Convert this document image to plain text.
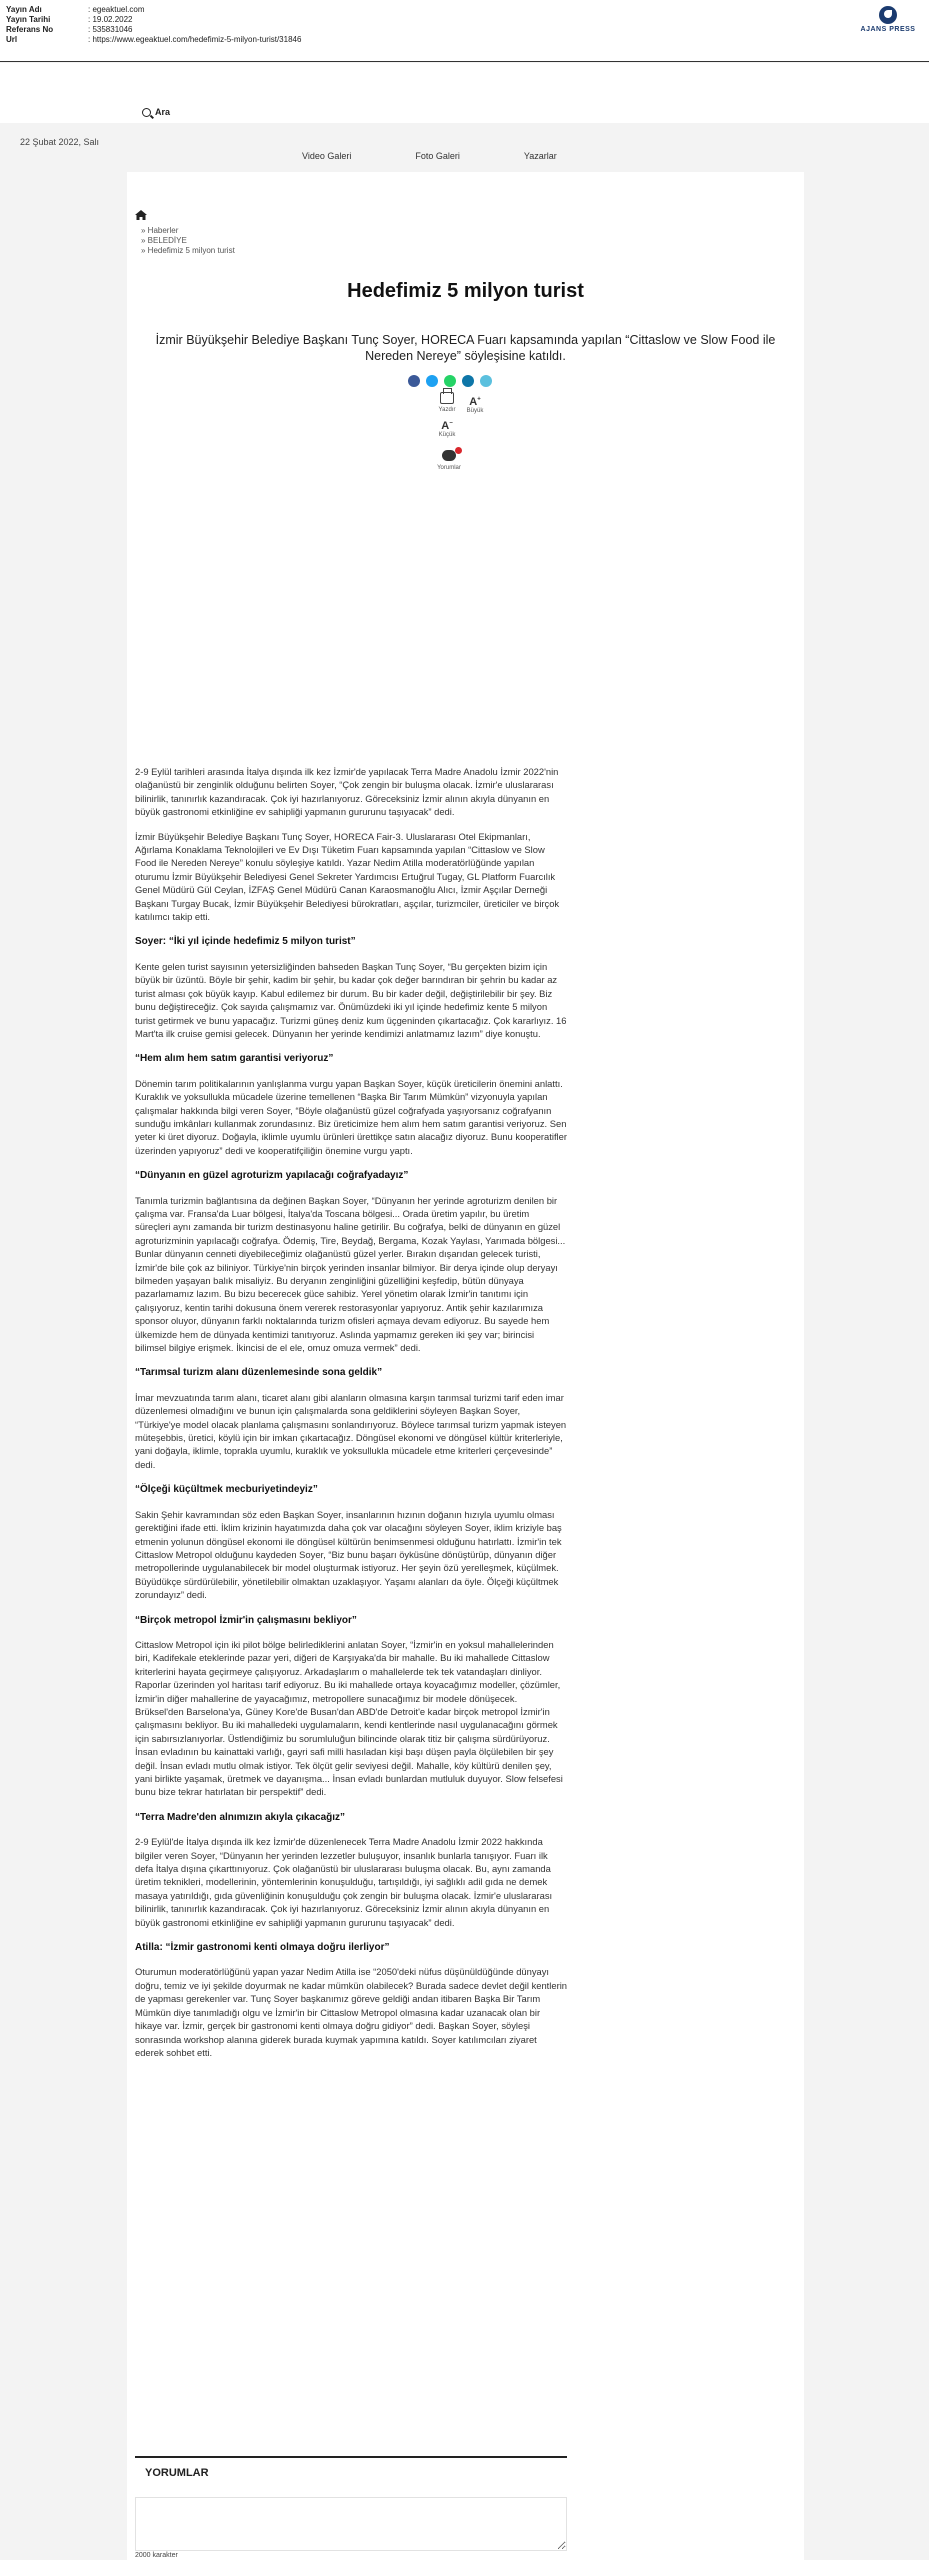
Yayın Adı	: egeaktuel.com
Yayın Tarihi	: 19.02.2022
Referans No	: 535831046
Url	: https://www.egeaktuel.com/hedefimiz-5-milyon-turist/31846
AJANS PRESS
Ara
22 Şubat 2022, Salı
Video Galeri	Foto Galeri	Yazarlar
» Haberler
» BELEDİYE
» Hedefimiz 5 milyon turist
Hedefimiz 5 milyon turist

İzmir Büyükşehir Belediye Başkanı Tunç Soyer, HORECA Fuarı kapsamında yapılan “Cittaslow ve Slow Food ile Nereden Nereye” söyleşisine katıldı.

Yazdır
A+
Büyük
A−
Küçük
Yorumlar

2-9 Eylül tarihleri arasında İtalya dışında ilk kez İzmir'de yapılacak Terra Madre Anadolu İzmir 2022'nin olağanüstü bir zenginlik olduğunu belirten Soyer, “Çok zengin bir buluşma olacak. İzmir'e uluslararası bilinirlik, tanınırlık kazandıracak. Çok iyi hazırlanıyoruz. Göreceksiniz İzmir alının akıyla dünyanın en büyük gastronomi etkinliğine ev sahipliği yapmanın gururunu taşıyacak” dedi.

İzmir Büyükşehir Belediye Başkanı Tunç Soyer, HORECA Fair-3. Uluslararası Otel Ekipmanları, Ağırlama Konaklama Teknolojileri ve Ev Dışı Tüketim Fuarı kapsamında yapılan “Cittaslow ve Slow Food ile Nereden Nereye” konulu söyleşiye katıldı. Yazar Nedim Atilla moderatörlüğünde yapılan oturumu İzmir Büyükşehir Belediyesi Genel Sekreter Yardımcısı Ertuğrul Tugay, GL Platform Fuarcılık Genel Müdürü Gül Ceylan, İZFAŞ Genel Müdürü Canan Karaosmanoğlu Alıcı, İzmir Aşçılar Derneği Başkanı Turgay Bucak, İzmir Büyükşehir Belediyesi bürokratları, aşçılar, turizmciler, üreticiler ve birçok katılımcı takip etti.

Soyer: “İki yıl içinde hedefimiz 5 milyon turist”

Kente gelen turist sayısının yetersizliğinden bahseden Başkan Tunç Soyer, “Bu gerçekten bizim için büyük bir üzüntü. Böyle bir şehir, kadim bir şehir, bu kadar çok değer barındıran bir şehrin bu kadar az turist alması çok büyük kayıp. Kabul edilemez bir durum. Bu bir kader değil, değiştirilebilir bir şey. Biz bunu değiştireceğiz. Çok sayıda çalışmamız var. Önümüzdeki iki yıl içinde hedefimiz kente 5 milyon turist getirmek ve bunu yapacağız. Turizmi güneş deniz kum üçgeninden çıkartacağız. Çok kararlıyız. 16 Mart'ta ilk cruise gemisi gelecek. Dünyanın her yerinde kendimizi anlatmamız lazım” diye konuştu.

“Hem alım hem satım garantisi veriyoruz”

Dönemin tarım politikalarının yanlışlanma vurgu yapan Başkan Soyer, küçük üreticilerin önemini anlattı. Kuraklık ve yoksullukla mücadele üzerine temellenen “Başka Bir Tarım Mümkün” vizyonuyla yapılan çalışmalar hakkında bilgi veren Soyer, “Böyle olağanüstü güzel coğrafyada yaşıyorsanız coğrafyanın sunduğu imkânları kullanmak zorundasınız. Biz üreticimize hem alım hem satım garantisi veriyoruz. Sen yeter ki üret diyoruz. Doğayla, iklimle uyumlu ürünleri ürettikçe satın alacağız diyoruz. Bunu kooperatifler üzerinden yapıyoruz” dedi ve kooperatifçiliğin önemine vurgu yaptı.

“Dünyanın en güzel agroturizm yapılacağı coğrafyadayız”

Tanımla turizmin bağlantısına da değinen Başkan Soyer, “Dünyanın her yerinde agroturizm denilen bir çalışma var. Fransa'da Luar bölgesi, İtalya'da Toscana bölgesi... Orada üretim yapılır, bu üretim süreçleri aynı zamanda bir turizm destinasyonu haline getirilir. Bu coğrafya, belki de dünyanın en güzel agroturizminin yapılacağı coğrafya. Ödemiş, Tire, Beydağ, Bergama, Kozak Yaylası, Yarımada bölgesi... Bunlar dünyanın cenneti diyebileceğimiz olağanüstü güzel yerler. Bırakın dışarıdan gelecek turisti, İzmir'de bile çok az biliniyor. Türkiye'nin birçok yerinden insanlar bilmiyor. Bir derya içinde olup deryayı bilmeden yaşayan balık misaliyiz. Bu deryanın zenginliğini güzelliğini keşfedip, bütün dünyaya pazarlamamız lazım. Bu bizu becerecek güce sahibiz. Yerel yönetim olarak İzmir'in tanıtımı için çalışıyoruz, kentin tarihi dokusuna önem vererek restorasyonlar yapıyoruz. Antik şehir kazılarımıza sponsor oluyor, dünyanın farklı noktalarında turizm ofisleri açmaya devam ediyoruz. Bu sayede hem ülkemizde hem de dünyada kentimizi tanıtıyoruz. Aslında yapmamız gereken iki şey var; birincisi bilimsel bilgiye erişmek. İkincisi de el ele, omuz omuza vermek” dedi.

“Tarımsal turizm alanı düzenlemesinde sona geldik”

İmar mevzuatında tarım alanı, ticaret alanı gibi alanların olmasına karşın tarımsal turizmi tarif eden imar düzenlemesi olmadığını ve bunun için çalışmalarda sona geldiklerini söyleyen Başkan Soyer, “Türkiye'ye model olacak planlama çalışmasını sonlandırıyoruz. Böylece tarımsal turizm yapmak isteyen müteşebbis, üretici, köylü için bir imkan çıkartacağız. Döngüsel ekonomi ve döngüsel kültür kriterleriyle, yani doğayla, iklimle, toprakla uyumlu, kuraklık ve yoksullukla mücadele etme kriterleri çerçevesinde” dedi.

“Ölçeği küçültmek mecburiyetindeyiz”

Sakin Şehir kavramından söz eden Başkan Soyer, insanlarının hızının doğanın hızıyla uyumlu olması gerektiğini ifade etti. İklim krizinin hayatımızda daha çok var olacağını söyleyen Soyer, iklim kriziyle baş etmenin yolunun döngüsel ekonomi ile döngüsel kültürün benimsenmesi olduğunu hatırlattı. İzmir'in tek Cittaslow Metropol olduğunu kaydeden Soyer, “Biz bunu başarı öyküsüne dönüştürüp, dünyanın diğer metropollerinde uygulanabilecek bir model oluşturmak istiyoruz. Her şeyin özü yerelleşmek, küçülmek. Büyüdükçe sürdürülebilir, yönetilebilir olmaktan uzaklaşıyor. Yaşamı alanları da öyle. Ölçeği küçültmek zorundayız” dedi.

“Birçok metropol İzmir'in çalışmasını bekliyor”

Cittaslow Metropol için iki pilot bölge belirlediklerini anlatan Soyer, “İzmir'in en yoksul mahallelerinden biri, Kadifekale eteklerinde pazar yeri, diğeri de Karşıyaka'da bir mahalle. Bu iki mahallede Cittaslow kriterlerini hayata geçirmeye çalışıyoruz. Arkadaşlarım o mahallelerde tek tek vatandaşları dinliyor. Raporlar üzerinden yol haritası tarif ediyoruz. Bu iki mahallede ortaya koyacağımız modeller, çözümler, İzmir'in diğer mahallerine de yayacağımız, metropollere sunacağımız bir modele dönüşecek. Brüksel'den Barselona'ya, Güney Kore'de Busan'dan ABD'de Detroit'e kadar birçok metropol İzmir'in çalışmasını bekliyor. Bu iki mahalledeki uygulamaların, kendi kentlerinde nasıl uygulanacağını görmek için sabırsızlanıyorlar. Üstlendiğimiz bu sorumluluğun bilincinde olarak titiz bir çalışma sürdürüyoruz. İnsan evladının bu kainattaki varlığı, gayri safi milli hasıladan kişi başı düşen payla ölçülebilen bir şey değil. İnsan evladı mutlu olmak istiyor. Tek ölçüt gelir seviyesi değil. Mahalle, köy kültürü denilen şey, yani birlikte yaşamak, üretmek ve dayanışma... İnsan evladı bunlardan mutluluk duyuyor. Slow felsefesi bunu bize tekrar hatırlatan bir perspektif” dedi.

“Terra Madre'den alnımızın akıyla çıkacağız”

2-9 Eylül'de İtalya dışında ilk kez İzmir'de düzenlenecek Terra Madre Anadolu İzmir 2022 hakkında bilgiler veren Soyer, “Dünyanın her yerinden lezzetler buluşuyor, insanlık bunlarla tanışıyor. Fuarı ilk defa İtalya dışına çıkarttınıyoruz. Çok olağanüstü bir uluslararası buluşma olacak. Bu, aynı zamanda üretim teknikleri, modellerinin, yöntemlerinin konuşulduğu, tartışıldığı, iyi sağlıklı adil gıda ne demek masaya yatırıldığı, gıda güvenliğinin konuşulduğu çok zengin bir buluşma olacak. İzmir'e uluslararası bilinirlik, tanınırlık kazandıracak. Çok iyi hazırlanıyoruz. Göreceksiniz İzmir alının akıyla dünyanın en büyük gastronomi etkinliğine ev sahipliği yapmanın gururunu taşıyacak” dedi.

Atilla: “İzmir gastronomi kenti olmaya doğru ilerliyor”

Oturumun moderatörlüğünü yapan yazar Nedim Atilla ise “2050'deki nüfus düşünüldüğünde dünyayı doğru, temiz ve iyi şekilde doyurmak ne kadar mümkün olabilecek? Burada sadece devlet değil kentlerin de yapması gerekenler var. Tunç Soyer başkanımız göreve geldiği andan itibaren Başka Bir Tarım Mümkün diye tanımladığı olgu ve İzmir'in bir Cittaslow Metropol olmasına kadar uzanacak olan bir hikaye var. İzmir, gerçek bir gastronomi kenti olmaya doğru gidiyor” dedi. Başkan Soyer, söyleşi sonrasında workshop alanına giderek burada kuymak yapımına katıldı. Soyer katılımcıları ziyaret ederek sohbet etti.

YORUMLAR
2000 karakter
